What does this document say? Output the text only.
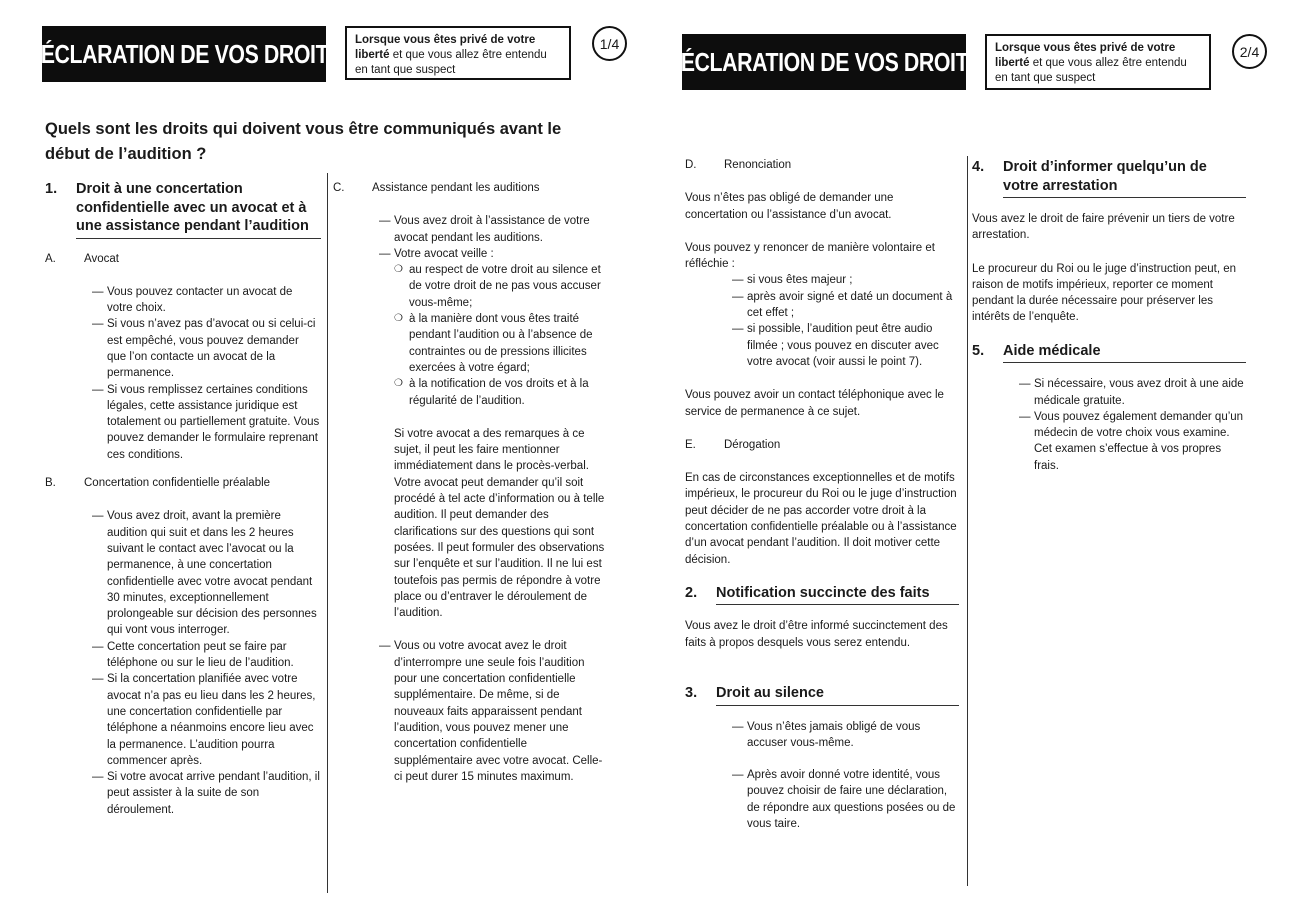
DÉCLARATION DE VOS DROITS	Lorsque vous êtes privé de votre liberté et que vous allez être entendu en tant que suspect
1/4
DÉCLARATION DE VOS DROITS	Lorsque vous êtes privé de votre liberté et que vous allez être entendu en tant que suspect
2/4
Quels sont les droits qui doivent vous être communiqués avant le début de l’audition ?
1.	Droit à une concertation confidentielle avec un avocat et à une assistance pendant l’audition
A.	Avocat
— Vous pouvez contacter un avocat de votre choix.
— Si vous n’avez pas d’avocat ou si celui-ci est empêché, vous pouvez demander que l’on contacte un avocat de la permanence.
— Si vous remplissez certaines conditions légales, cette assistance juridique est totalement ou partiellement gratuite. Vous pouvez demander le formulaire reprenant ces conditions.
B.	Concertation confidentielle préalable
— Vous avez droit, avant la première audition qui suit et dans les 2 heures suivant le contact avec l’avocat ou la permanence, à une concertation confidentielle avec votre avocat pendant 30 minutes, exceptionnellement prolongeable sur décision des personnes qui vont vous interroger.
— Cette concertation peut se faire par téléphone ou sur le lieu de l’audition.
— Si la concertation planifiée avec votre avocat n’a pas eu lieu dans les 2 heures, une concertation confidentielle par téléphone a néanmoins encore lieu avec la permanence. L’audition pourra commencer après.
— Si votre avocat arrive pendant l’audition, il peut assister à la suite de son déroulement.
C.	Assistance pendant les auditions
— Vous avez droit à l’assistance de votre avocat pendant les auditions.
— Votre avocat veille :
❍ au respect de votre droit au silence et de votre droit de ne pas vous accuser vous-même;
❍ à la manière dont vous êtes traité pendant l’audition ou à l’absence de contraintes ou de pressions illicites exercées à votre égard;
❍ à la notification de vos droits et à la régularité de l’audition.
Si votre avocat a des remarques à ce sujet, il peut les faire mentionner immédiatement dans le procès-verbal. Votre avocat peut demander qu’il soit procédé à tel acte d’information ou à telle audition. Il peut demander des clarifications sur des questions qui sont posées. Il peut formuler des observations sur l’enquête et sur l’audition. Il ne lui est toutefois pas permis de répondre à votre place ou d’entraver le déroulement de l’audition.
— Vous ou votre avocat avez le droit d’interrompre une seule fois l’audition pour une concertation confidentielle supplémentaire. De même, si de nouveaux faits apparaissent pendant l’audition, vous pouvez mener une concertation confidentielle supplémentaire avec votre avocat. Celle-ci peut durer 15 minutes maximum.
D.	Renonciation
Vous n’êtes pas obligé de demander une concertation ou l’assistance d’un avocat.
Vous pouvez y renoncer de manière volontaire et réfléchie :
— si vous êtes majeur ;
— après avoir signé et daté un document à cet effet ;
— si possible, l’audition peut être audio filmée ; vous pouvez en discuter avec votre avocat (voir aussi le point 7).
Vous pouvez avoir un contact téléphonique avec le service de permanence à ce sujet.
E.	Dérogation
En cas de circonstances exceptionnelles et de motifs impérieux, le procureur du Roi ou le juge d’instruction peut décider de ne pas accorder votre droit à la concertation confidentielle préalable ou à l’assistance d’un avocat pendant l’audition. Il doit motiver cette décision.
2.	Notification succincte des faits
Vous avez le droit d’être informé succinctement des faits à propos desquels vous serez entendu.
3.	Droit au silence
— Vous n’êtes jamais obligé de vous accuser vous-même.
— Après avoir donné votre identité, vous pouvez choisir de faire une déclaration, de répondre aux questions posées ou de vous taire.
4.	Droit d’informer quelqu’un de votre arrestation
Vous avez le droit de faire prévenir un tiers de votre arrestation.
Le procureur du Roi ou le juge d’instruction peut, en raison de motifs impérieux, reporter ce moment pendant la durée nécessaire pour préserver les intérêts de l’enquête.
5.	Aide médicale
— Si nécessaire, vous avez droit à une aide médicale gratuite.
— Vous pouvez également demander qu’un médecin de votre choix vous examine. Cet examen s’effectue à vos propres frais.
